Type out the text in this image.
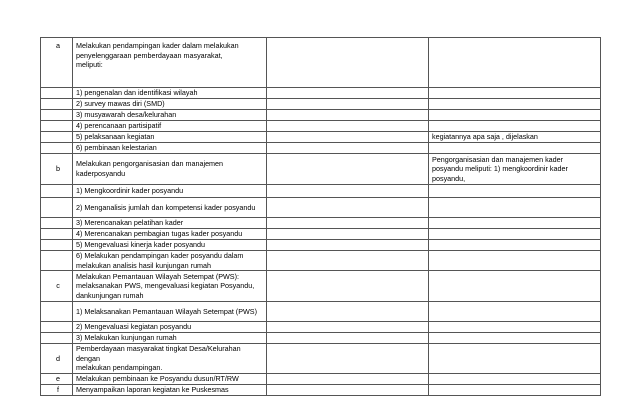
a	Melakukan pendampingan kader dalam melakukan
penyelenggaraan pemberdayaan masyarakat,
meliputi:		
	1) pengenalan dan identifikasi wilayah		
	2) survey mawas diri (SMD)		
	3) musyawarah desa/kelurahan		
	4) perencanaan partisipatif		
	5) pelaksanaan kegiatan		kegiatannya apa saja , dijelaskan
	6) pembinaan kelestarian		
b	Melakukan pengorganisasian dan manajemen
kaderposyandu		Pengorganisasian dan manajemen kader
posyandu meliputi: 1) mengkoordinir kader
posyandu,
	1) Mengkoordinir kader posyandu		
	2) Menganalisis jumlah dan kompetensi kader posyandu		
	3) Merencanakan pelatihan kader		
	4) Merencanakan pembagian tugas kader posyandu		
	5) Mengevaluasi kinerja kader posyandu		
	6) Melakukan pendampingan kader posyandu dalam
melakukan analisis hasil kunjungan rumah		
c	Melakukan Pemantauan Wilayah Setempat (PWS):
melaksanakan PWS, mengevaluasi kegiatan Posyandu,
dankunjungan rumah		
	1) Melaksanakan Pemantauan Wilayah Setempat (PWS)		
	2) Mengevaluasi kegiatan posyandu		
	3) Melakukan kunjungan rumah		
d	Pemberdayaan masyarakat tingkat Desa/Kelurahan dengan
melakukan pendampingan.		
e	Melakukan pembinaan ke Posyandu dusun/RT/RW		
f	Menyampaikan laporan kegiatan ke Puskesmas		
